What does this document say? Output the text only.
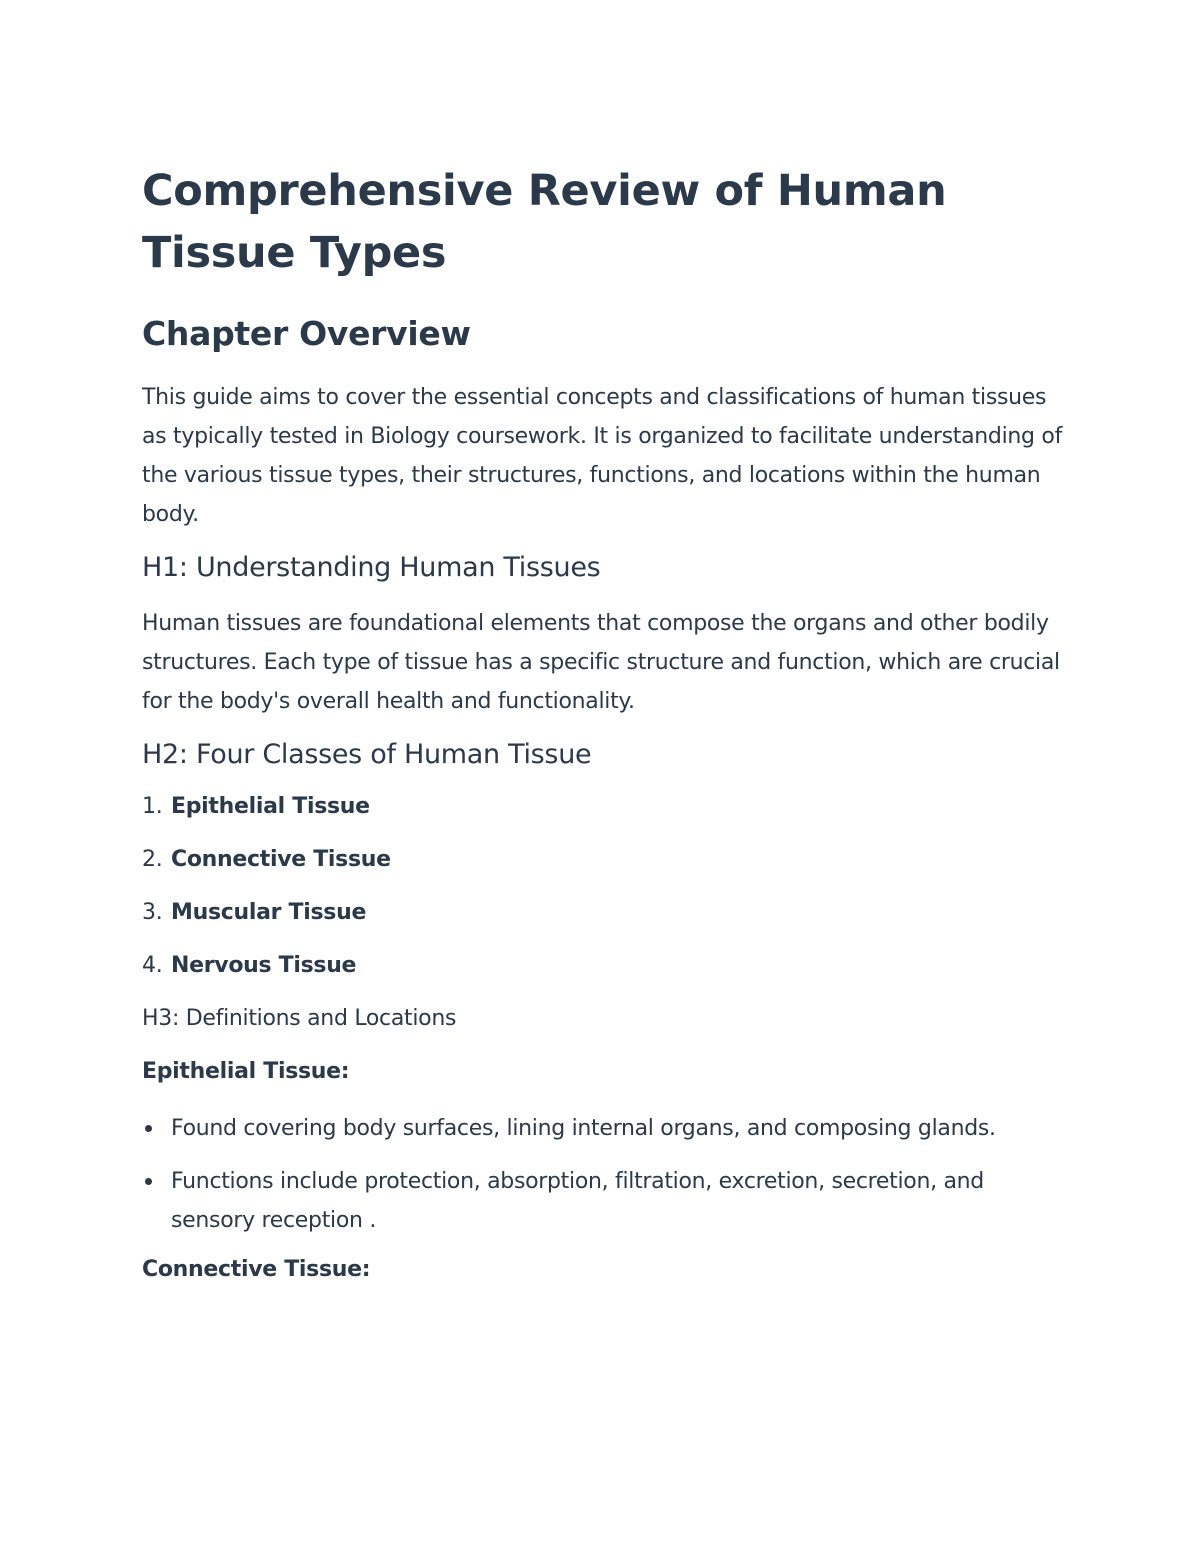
Comprehensive Review of Human Tissue Types
Chapter Overview

This guide aims to cover the essential concepts and classifications of human tissues as typically tested in Biology coursework. It is organized to facilitate understanding of the various tissue types, their structures, functions, and locations within the human body.

H1: Understanding Human Tissues

Human tissues are foundational elements that compose the organs and other bodily structures. Each type of tissue has a specific structure and function, which are crucial for the body's overall health and functionality.

H2: Four Classes of Human Tissue
1. Epithelial Tissue
2. Connective Tissue
3. Muscular Tissue
4. Nervous Tissue
H3: Definitions and Locations
Epithelial Tissue:
Found covering body surfaces, lining internal organs, and composing glands.
Functions include protection, absorption, filtration, excretion, secretion, and sensory reception .
Connective Tissue:
